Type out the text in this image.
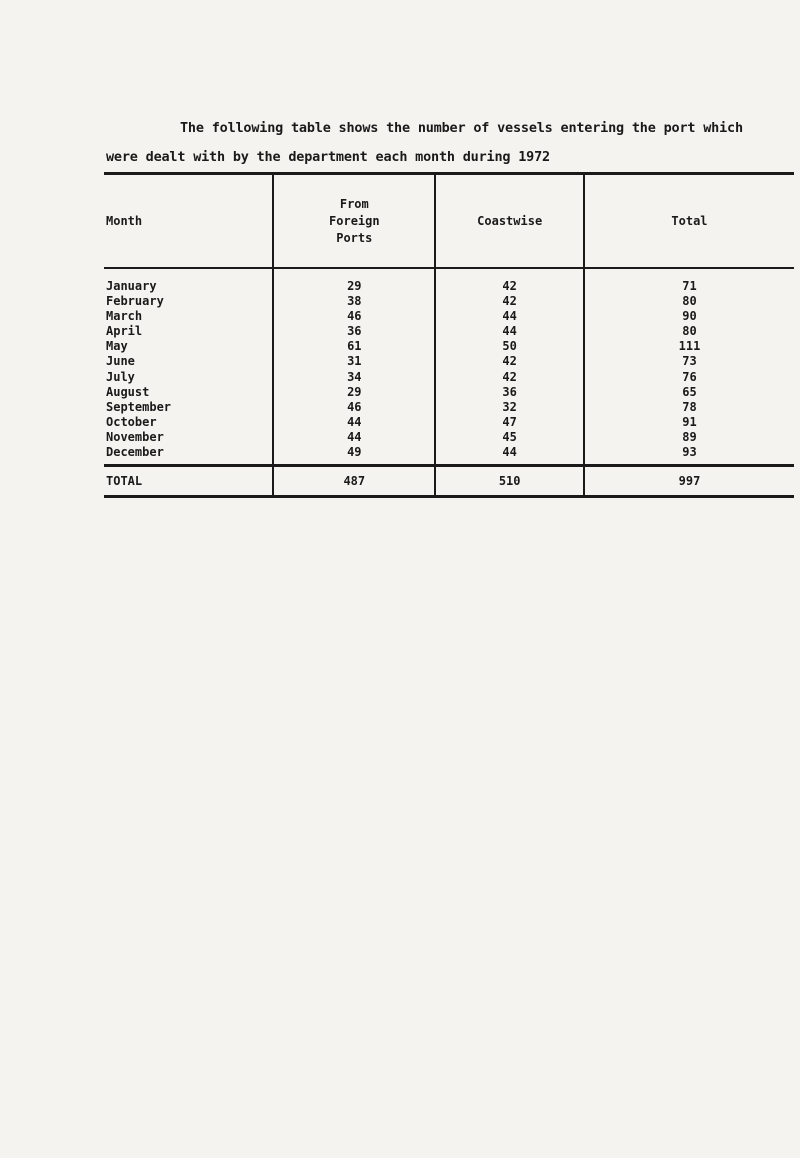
The following table shows the number of vessels entering the port which
were dealt with by the department each month during 1972
Month	From
Foreign
Ports	Coastwise	Total
January	29	42	71
February	38	42	80
March	46	44	90
April	36	44	80
May	61	50	111
June	31	42	73
July	34	42	76
August	29	36	65
September	46	32	78
October	44	47	91
November	44	45	89
December	49	44	93
TOTAL	487	510	997
